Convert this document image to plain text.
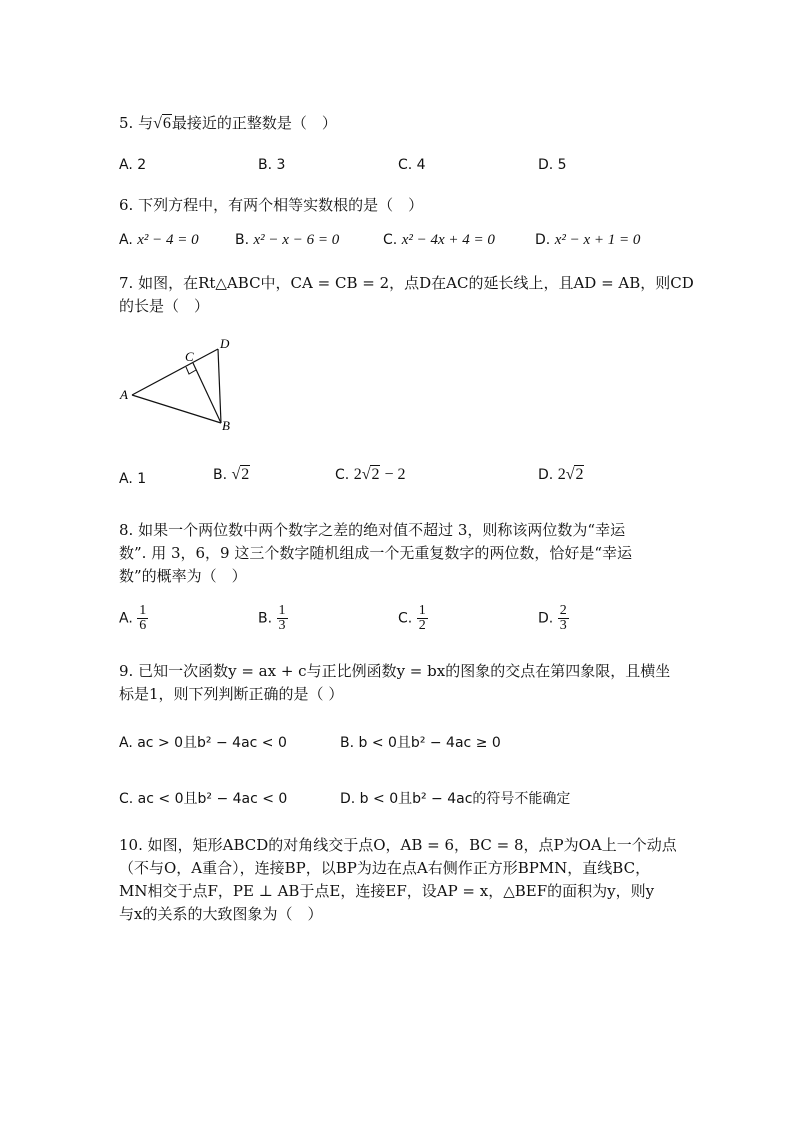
5. 与√6最接近的正整数是（　）
A. 2	B. 3	C. 4	D. 5
6. 下列方程中，有两个相等实数根的是（　）
A. x² − 4 = 0	B. x² − x − 6 = 0	C. x² − 4x + 4 = 0	D. x² − x + 1 = 0
7. 如图，在Rt△ABC中，CA = CB = 2，点D在AC的延长线上，且AD = AB，则CD
的长是（　）
A
B
C
D
A. 1	B. √2	C. 2√2 − 2	D. 2√2
8. 如果一个两位数中两个数字之差的绝对值不超过 3，则称该两位数为“幸运
数”. 用 3，6，9 这三个数字随机组成一个无重复数字的两位数，恰好是“幸运
数”的概率为（　）
A. $\frac{1}{6}$	B. $\frac{1}{3}$	C. $\frac{1}{2}$	D. $\frac{2}{3}$
9. 已知一次函数y = ax + c与正比例函数y = bx的图象的交点在第四象限，且横坐
标是1，则下列判断正确的是（ ）
A. ac > 0且b² − 4ac < 0	B. b < 0且b² − 4ac ≥ 0
C. ac < 0且b² − 4ac < 0	D. b < 0且b² − 4ac的符号不能确定
10. 如图，矩形ABCD的对角线交于点O，AB = 6，BC = 8，点P为OA上一个动点
（不与O，A重合），连接BP，以BP为边在点A右侧作正方形BPMN，直线BC，
MN相交于点F，PE ⊥ AB于点E，连接EF，设AP = x，△BEF的面积为y，则y
与x的关系的大致图象为（　）
